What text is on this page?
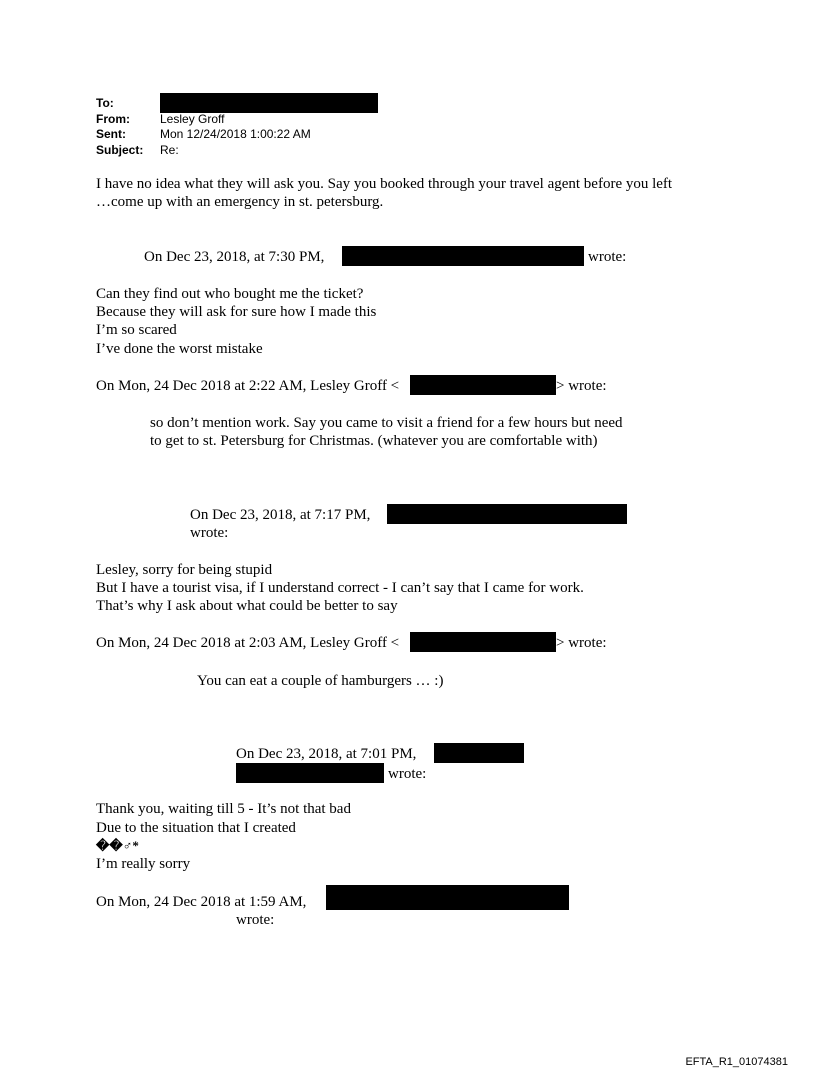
To:
From:	Lesley Groff
Sent:	Mon 12/24/2018 1:00:22 AM
Subject: Re:
I have no idea what they will ask you. Say you booked through your travel agent before you left
…come up with an emergency in st. petersburg.
On Dec 23, 2018, at 7:30 PM,	wrote:
Can they find out who bought me the ticket?
Because they will ask for sure how I made this
I’m so scared
I’ve done the worst mistake
On Mon, 24 Dec 2018 at 2:22 AM, Lesley Groff <	> wrote:
so don’t mention work. Say you came to visit a friend for a few hours but need
to get to st. Petersburg for Christmas. (whatever you are comfortable with)
On Dec 23, 2018, at 7:17 PM,
wrote:
Lesley, sorry for being stupid
But I have a tourist visa, if I understand correct - I can’t say that I came for work.
That’s why I ask about what could be better to say
On Mon, 24 Dec 2018 at 2:03 AM, Lesley Groff <	> wrote:
You can eat a couple of hamburgers … :)
On Dec 23, 2018, at 7:01 PM,
wrote:
Thank you, waiting till 5 - It’s not that bad
Due to the situation that I created
��♂*
I’m really sorry
On Mon, 24 Dec 2018 at 1:59 AM,
wrote:
EFTA_R1_01074381
